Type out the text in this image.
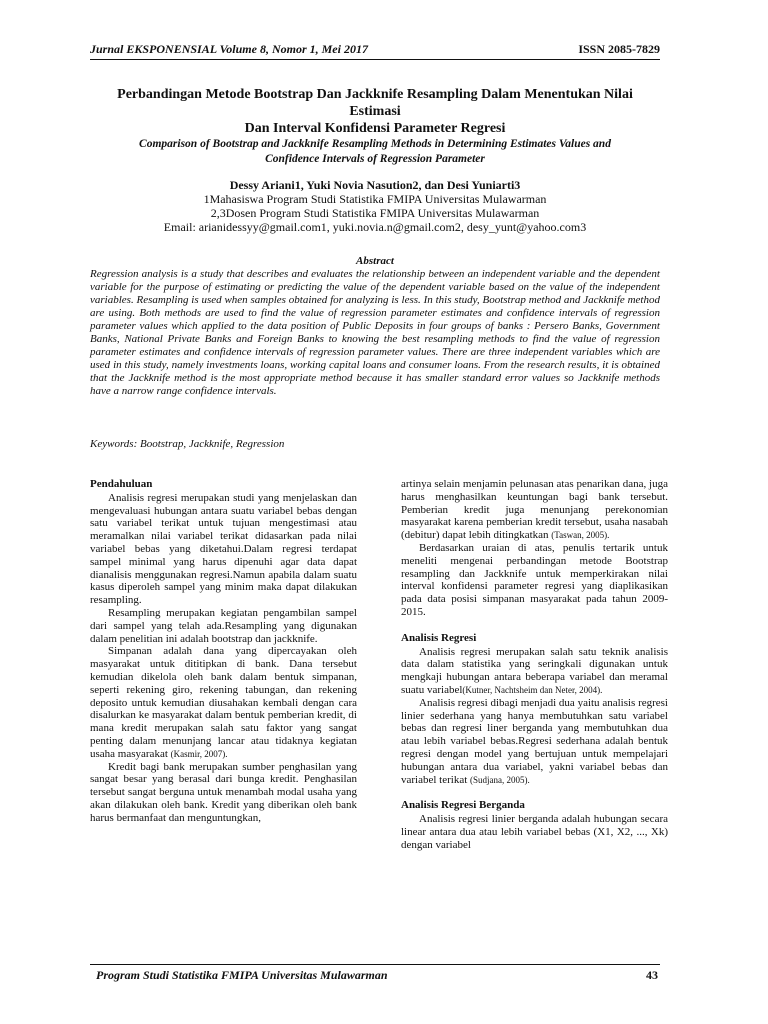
Jurnal EKSPONENSIAL Volume 8, Nomor 1, Mei 2017	ISSN 2085-7829
Perbandingan Metode Bootstrap Dan Jackknife Resampling Dalam Menentukan Nilai Estimasi
Dan Interval Konfidensi Parameter Regresi
Comparison of Bootstrap and Jackknife Resampling Methods in Determining Estimates Values and
Confidence Intervals of Regression Parameter
Dessy Ariani1, Yuki Novia Nasution2, dan Desi Yuniarti3
1Mahasiswa Program Studi Statistika FMIPA Universitas Mulawarman
2,3Dosen Program Studi Statistika FMIPA Universitas Mulawarman
Email: arianidessyy@gmail.com1, yuki.novia.n@gmail.com2, desy_yunt@yahoo.com3
Abstract
Regression analysis is a study that describes and evaluates the relationship between an independent variable and the dependent variable for the purpose of estimating or predicting the value of the dependent variable based on the value of the independent variables. Resampling is used when samples obtained for analyzing is less. In this study, Bootstrap method and Jackknife method are using. Both methods are used to find the value of regression parameter estimates and confidence intervals of regression parameter values which applied to the data position of Public Deposits in four groups of banks : Persero Banks, Government Banks, National Private Banks and Foreign Banks to knowing the best resampling methods to find the value of regression parameter estimates and confidence intervals of regression parameter values. There are three independent variables which are used in this study, namely investments loans, working capital loans and consumer loans. From the research results, it is obtained that the Jackknife method is the most appropriate method because it has smaller standard error values so Jackknife methods have a narrow range confidence intervals.
Keywords: Bootstrap, Jackknife, Regression
Pendahuluan

Analisis regresi merupakan studi yang menjelaskan dan mengevaluasi hubungan antara suatu variabel bebas dengan satu variabel terikat untuk tujuan mengestimasi atau meramalkan nilai variabel terikat didasarkan pada nilai variabel bebas yang diketahui.Dalam regresi terdapat sampel minimal yang harus dipenuhi agar data dapat dianalisis menggunakan regresi.Namun apabila dalam suatu kasus diperoleh sampel yang minim maka dapat dilakukan resampling.

Resampling merupakan kegiatan pengambilan sampel dari sampel yang telah ada.Resampling yang digunakan dalam penelitian ini adalah bootstrap dan jackknife.

Simpanan adalah dana yang dipercayakan oleh masyarakat untuk dititipkan di bank. Dana tersebut kemudian dikelola oleh bank dalam bentuk simpanan, seperti rekening giro, rekening tabungan, dan rekening deposito untuk kemudian diusahakan kembali dengan cara disalurkan ke masyarakat dalam bentuk pemberian kredit, di mana kredit merupakan salah satu faktor yang sangat penting dalam menunjang lancar atau tidaknya kegiatan usaha masyarakat (Kasmir, 2007).

Kredit bagi bank merupakan sumber penghasilan yang sangat besar yang berasal dari bunga kredit. Penghasilan tersebut sangat berguna untuk menambah modal usaha yang akan dilakukan oleh bank. Kredit yang diberikan oleh bank harus bermanfaat dan menguntungkan,

artinya selain menjamin pelunasan atas penarikan dana, juga harus menghasilkan keuntungan bagi bank tersebut. Pemberian kredit juga menunjang perekonomian masyarakat karena pemberian kredit tersebut, usaha nasabah (debitur) dapat lebih ditingkatkan (Taswan, 2005).

Berdasarkan uraian di atas, penulis tertarik untuk meneliti mengenai perbandingan metode Bootstrap resampling dan Jackknife untuk memperkirakan nilai interval konfidensi parameter regresi yang diaplikasikan pada data posisi simpanan masyarakat pada tahun 2009-2015.

Analisis Regresi

Analisis regresi merupakan salah satu teknik analisis data dalam statistika yang seringkali digunakan untuk mengkaji hubungan antara beberapa variabel dan meramal suatu variabel(Kutner, Nachtsheim dan Neter, 2004).

Analisis regresi dibagi menjadi dua yaitu analisis regresi linier sederhana yang hanya membutuhkan satu variabel bebas dan regresi liner berganda yang membutuhkan dua atau lebih variabel bebas.Regresi sederhana adalah bentuk regresi dengan model yang bertujuan untuk mempelajari hubungan antara dua variabel, yakni variabel bebas dan variabel terikat (Sudjana, 2005).

Analisis Regresi Berganda

Analisis regresi linier berganda adalah hubungan secara linear antara dua atau lebih variabel bebas (X1, X2, ..., Xk) dengan variabel

Program Studi Statistika FMIPA Universitas Mulawarman	43
